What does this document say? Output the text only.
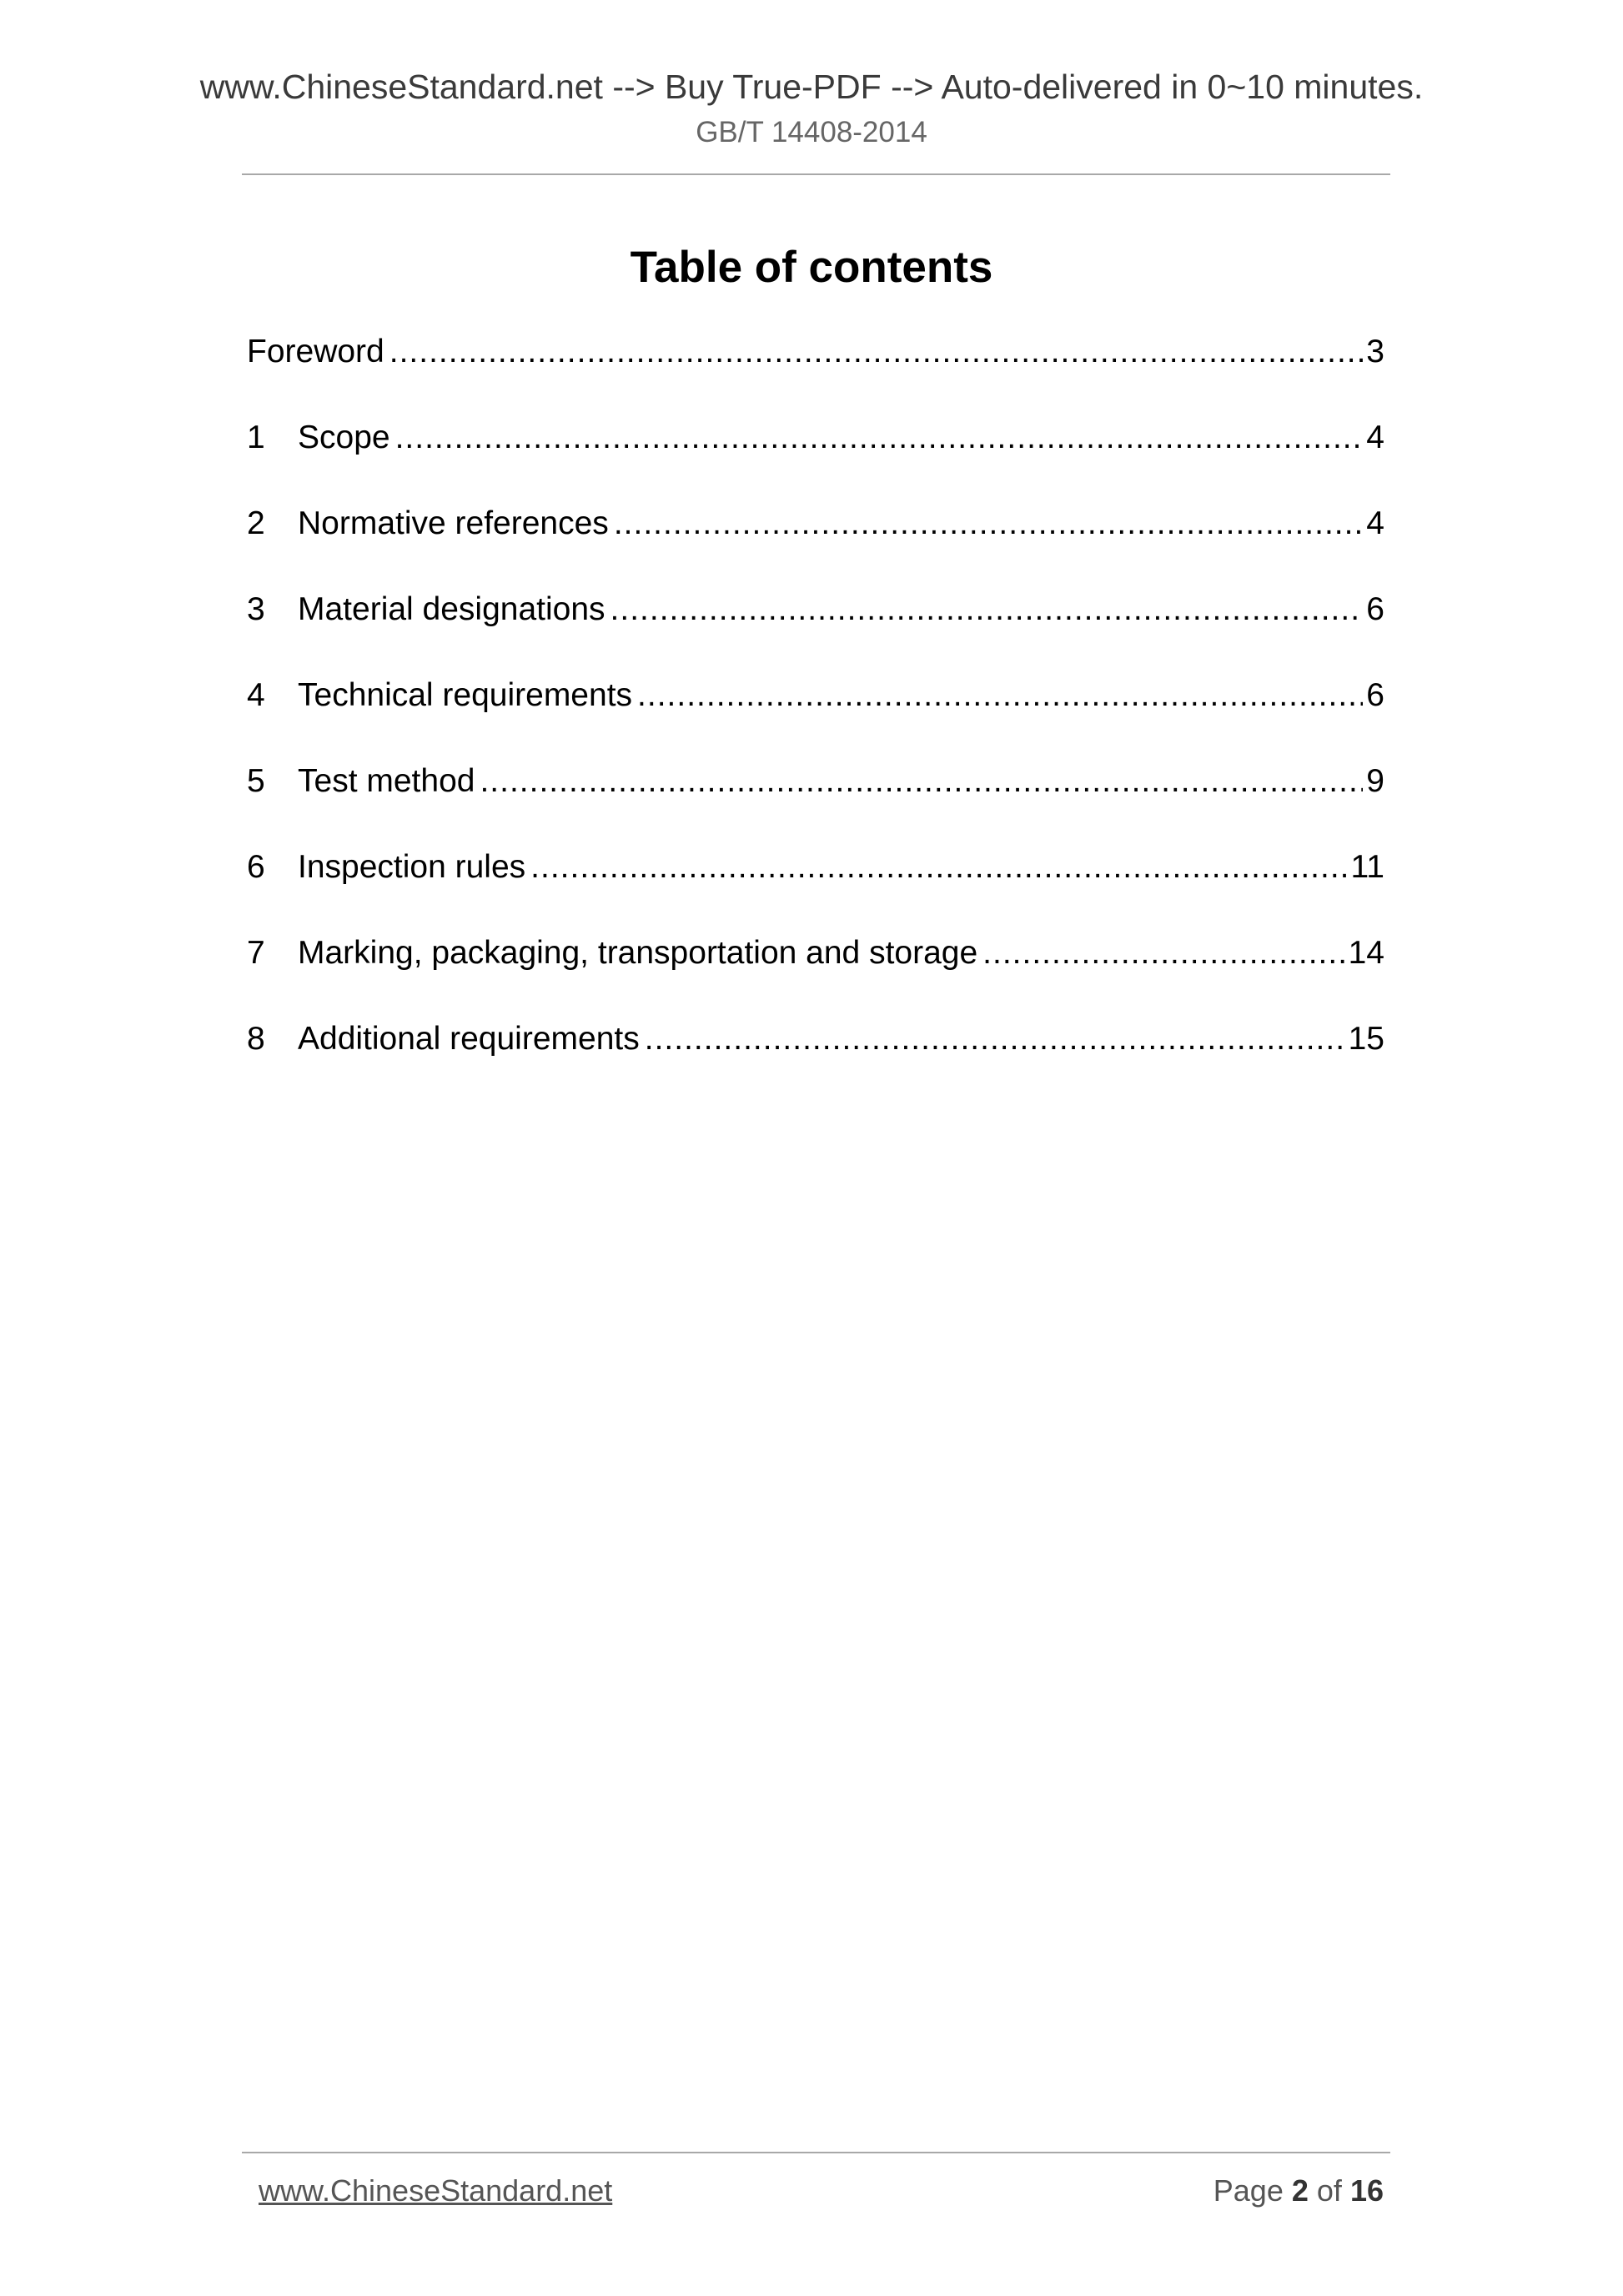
www.ChineseStandard.net --> Buy True-PDF --> Auto-delivered in 0~10 minutes.
GB/T 14408-2014
Table of contents
Foreword .....	3
1	Scope .....	4
2	Normative references .....	4
3	Material designations .....	6
4	Technical requirements .....	6
5	Test method .....	9
6	Inspection rules .....	11
7	Marking, packaging, transportation and storage .....	14
8	Additional requirements .....	15
www.ChineseStandard.net	Page 2 of 16
